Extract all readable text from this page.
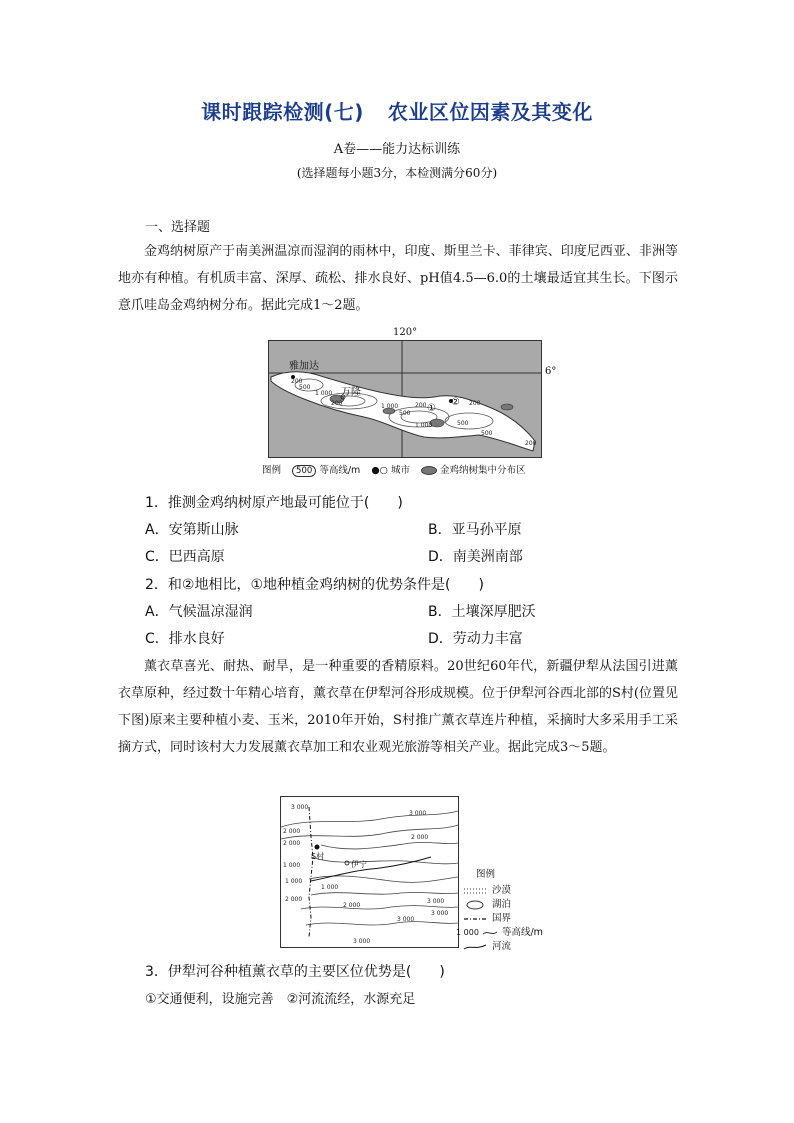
课时跟踪检测(七) 农业区位因素及其变化
A卷——能力达标训练
(选择题每小题3分，本检测满分60分)
一、选择题
金鸡纳树原产于南美洲温凉而湿润的雨林中，印度、斯里兰卡、菲律宾、印度尼西亚、非洲等地亦有种植。有机质丰富、深厚、疏松、排水良好、pH值4.5—6.0的土壤最适宜其生长。下图示意爪哇岛金鸡纳树分布。据此完成1～2题。
120°
6°
雅加达
万隆
①
②
200
500
1 000
200	1 000
500
200
1 000	500
200
500
200
图例 500 等高线/m ●○ 城市	金鸡纳树集中分布区
1．推测金鸡纳树原产地最可能位于(　　)
A．安第斯山脉	B．亚马孙平原
C．巴西高原	D．南美洲南部
2．和②地相比，①地种植金鸡纳树的优势条件是(　　)
A．气候温凉湿润	B．土壤深厚肥沃
C．排水良好	D．劳动力丰富
薰衣草喜光、耐热、耐旱，是一种重要的香精原料。20世纪60年代，新疆伊犁从法国引进薰衣草原种，经过数十年精心培育，薰衣草在伊犁河谷形成规模。位于伊犁河谷西北部的S村(位置见下图)原来主要种植小麦、玉米，2010年开始，S村推广薰衣草连片种植，采摘时大多采用手工采摘方式，同时该村大力发展薰衣草加工和农业观光旅游等相关产业。据此完成3～5题。
S村
伊宁
3 000
2 000
2 000
1 000
1 000
1 000
2 000
2 000
3 000
2 000
3 000
3 000
3 000
3 000
图例
沙漠
湖泊
国界
1 000 等高线/m
河流
3．伊犁河谷种植薰衣草的主要区位优势是(　　)
①交通便利，设施完善　②河流流经，水源充足
